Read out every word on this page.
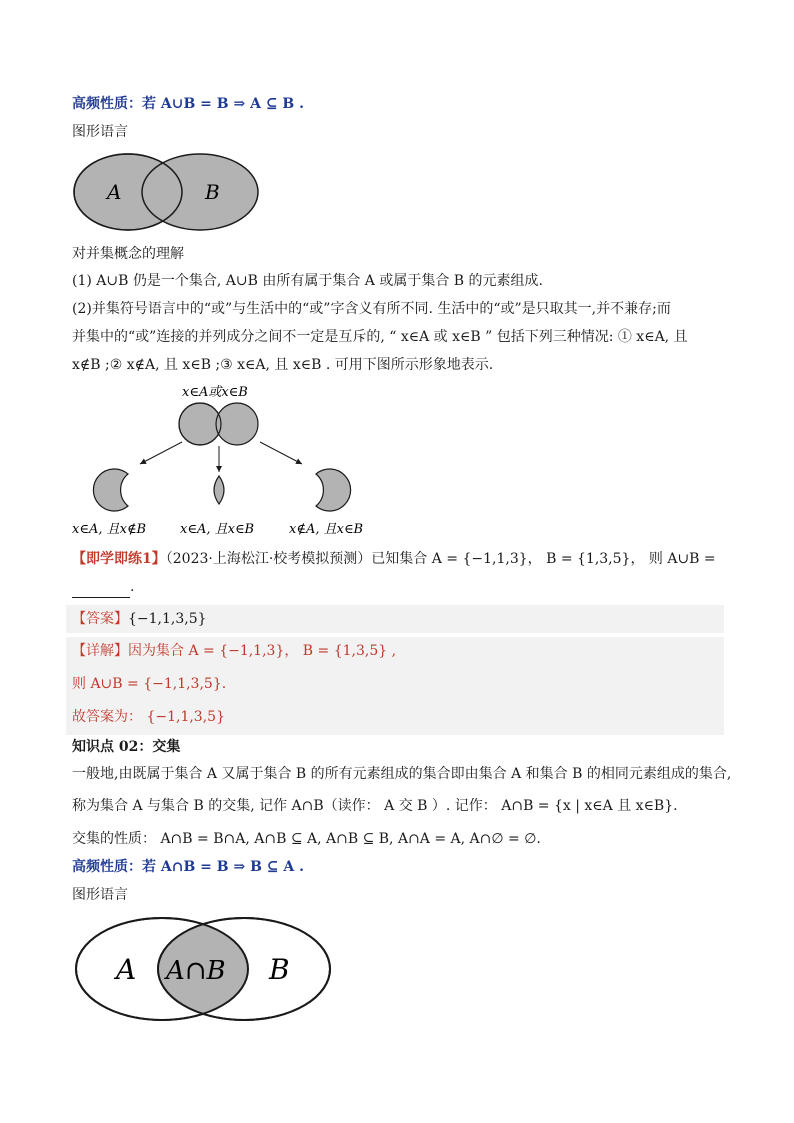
高频性质：若 A∪B = B ⇒ A ⊆ B .
图形语言
A	B
对并集概念的理解
(1) A∪B 仍是一个集合, A∪B 由所有属于集合 A 或属于集合 B 的元素组成.
(2)并集符号语言中的“或”与生活中的“或”字含义有所不同. 生活中的“或”是只取其一,并不兼存;而
并集中的“或”连接的并列成分之间不一定是互斥的, “ x∈A 或 x∈B ” 包括下列三种情况: ① x∈A, 且
x∉B ;② x∉A, 且 x∈B ;③ x∈A, 且 x∈B . 可用下图所示形象地表示.
x∈A或x∈B
x∈A, 且x∉B	x∈A, 且x∈B	x∉A, 且x∈B
【即学即练1】（2023·上海松江·校考模拟预测）已知集合 A = {−1,1,3}， B = {1,3,5}， 则 A∪B =
.
【答案】{−1,1,3,5}
【详解】因为集合 A = {−1,1,3}， B = {1,3,5} ,
则 A∪B = {−1,1,3,5}.
故答案为： {−1,1,3,5}
知识点 02：交集
一般地,由既属于集合 A 又属于集合 B 的所有元素组成的集合即由集合 A 和集合 B 的相同元素组成的集合,
称为集合 A 与集合 B 的交集, 记作 A∩B（读作： A 交 B ）. 记作： A∩B = {x | x∈A 且 x∈B}.
交集的性质： A∩B = B∩A, A∩B ⊆ A, A∩B ⊆ B, A∩A = A, A∩∅ = ∅.
高频性质：若 A∩B = B ⇒ B ⊆ A .
图形语言
A A∩B B
